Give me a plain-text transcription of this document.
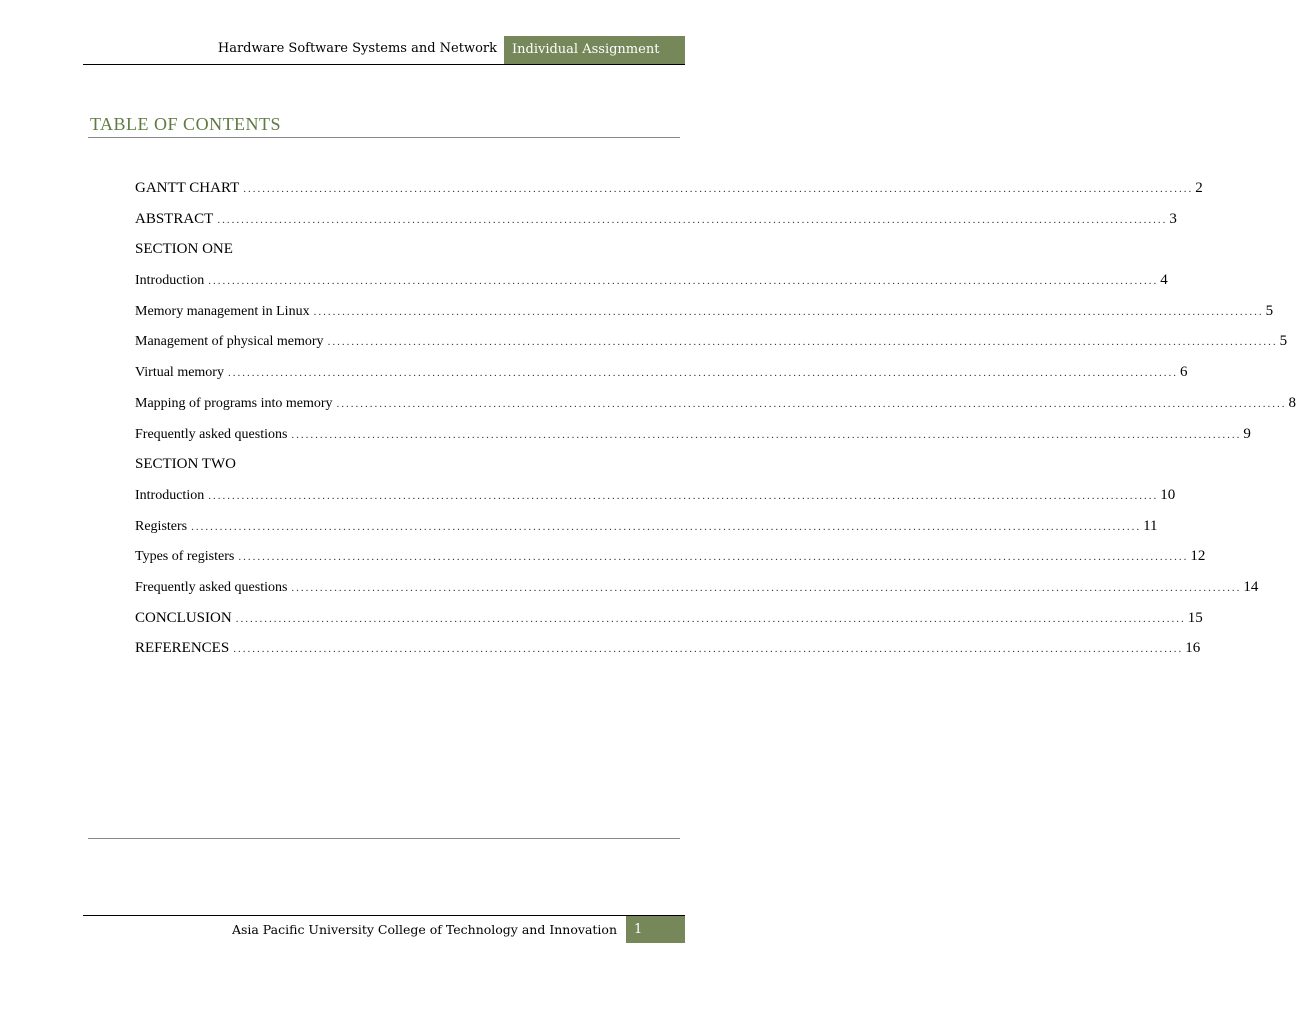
Hardware Software Systems and Network	Individual Assignment
TABLE OF CONTENTS
GANTT CHART ........................................................................................................................................................................................................ 2
ABSTRACT ........................................................................................................................................................................................................ 3
SECTION ONE
Introduction ........................................................................................................................................................................................................ 4
Memory management in Linux ........................................................................................................................................................................................................ 5
Management of physical memory ........................................................................................................................................................................................................ 5
Virtual memory ........................................................................................................................................................................................................ 6
Mapping of programs into memory ........................................................................................................................................................................................................ 8
Frequently asked questions ........................................................................................................................................................................................................ 9
SECTION TWO
Introduction ........................................................................................................................................................................................................ 10
Registers ........................................................................................................................................................................................................ 11
Types of registers ........................................................................................................................................................................................................ 12
Frequently asked questions ........................................................................................................................................................................................................ 14
CONCLUSION ........................................................................................................................................................................................................ 15
REFERENCES ........................................................................................................................................................................................................ 16
Asia Pacific University College of Technology and Innovation	1
